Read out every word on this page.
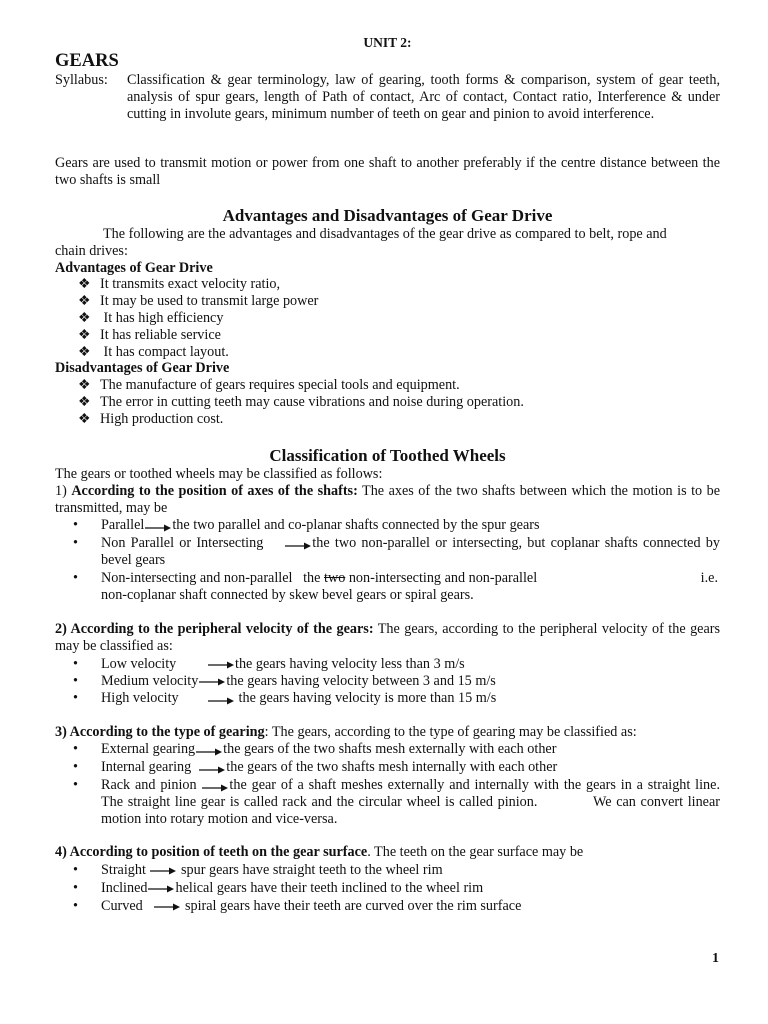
UNIT 2:
GEARS
Syllabus: Classification & gear terminology, law of gearing, tooth forms & comparison, system of gear teeth, analysis of spur gears, length of Path of contact, Arc of contact, Contact ratio, Interference & under cutting in involute gears, minimum number of teeth on gear and pinion to avoid interference.
Gears are used to transmit motion or power from one shaft to another preferably if the centre distance between the two shafts is small
Advantages and Disadvantages of Gear Drive
The following are the advantages and disadvantages of the gear drive as compared to belt, rope and
chain drives:
Advantages of Gear Drive
❖ It transmits exact velocity ratio,
❖ It may be used to transmit large power
❖ It has high efficiency
❖ It has reliable service
❖ It has compact layout.
Disadvantages of Gear Drive
❖ The manufacture of gears requires special tools and equipment.
❖ The error in cutting teeth may cause vibrations and noise during operation.
❖ High production cost.
Classification of Toothed Wheels
The gears or toothed wheels may be classified as follows:
1) According to the position of axes of the shafts: The axes of the two shafts between which the motion is to be transmitted, may be
• Parallel the two parallel and co-planar shafts connected by the spur gears
• Non Parallel or Intersecting	the two non-parallel or intersecting, but coplanar shafts connected by bevel gears
• Non-intersecting and non-parallel the two non-intersecting and non-parallel	i.e.
non-coplanar shaft connected by skew bevel gears or spiral gears.
2) According to the peripheral velocity of the gears: The gears, according to the peripheral velocity of the gears may be classified as:
• Low velocity	the gears having velocity less than 3 m/s
• Medium velocity the gears having velocity between 3 and 15 m/s
• High velocity	the gears having velocity is more than 15 m/s
3) According to the type of gearing: The gears, according to the type of gearing may be classified as:
• External gearing the gears of the two shafts mesh externally with each other
• Internal gearing the gears of the two shafts mesh internally with each other
• Rack and pinion the gear of a shaft meshes externally and internally with the gears in a straight line. The straight line gear is called rack and the circular wheel is called pinion.	We can convert linear motion into rotary motion and vice-versa.
4) According to position of teeth on the gear surface. The teeth on the gear surface may be
• Straight spur gears have straight teeth to the wheel rim
• Inclined helical gears have their teeth inclined to the wheel rim
• Curved	spiral gears have their teeth are curved over the rim surface
1
